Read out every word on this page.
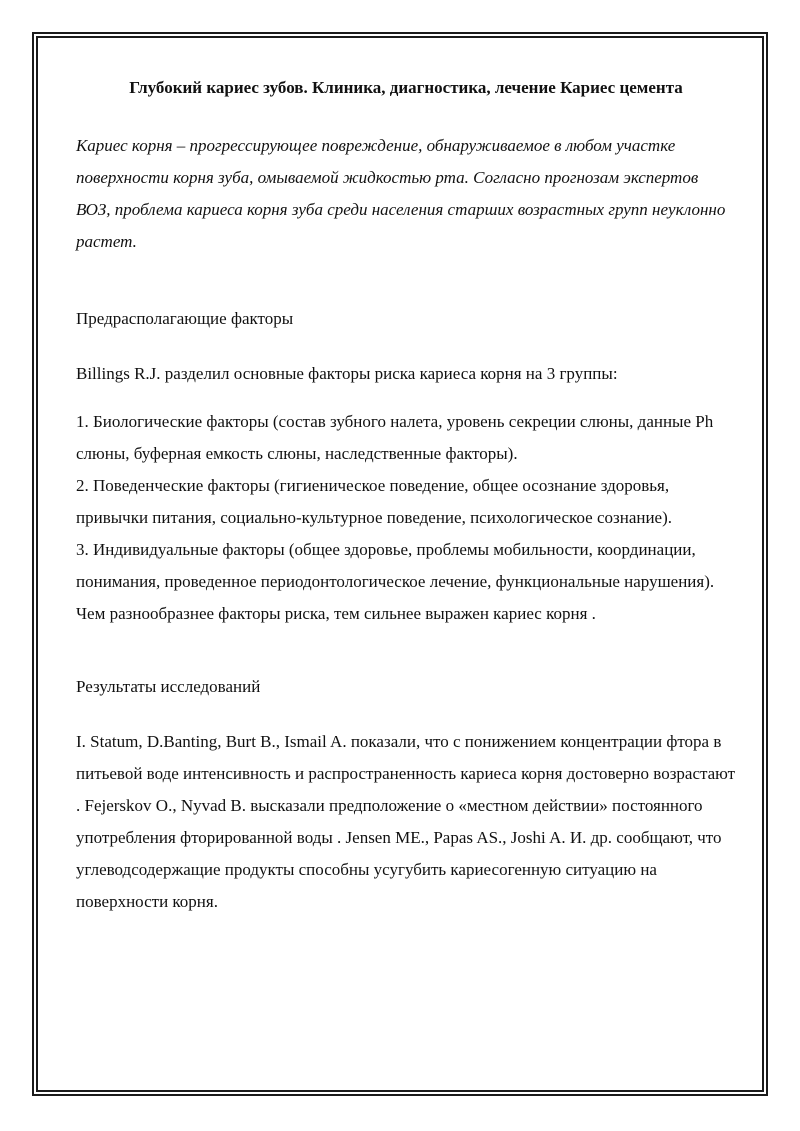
Глубокий кариес зубов. Клиника, диагностика, лечение Кариес цемента

Кариес корня – прогрессирующее повреждение, обнаруживаемое в любом участке поверхности корня зуба, омываемой жидкостью рта. Согласно прогнозам экспертов ВОЗ, проблема кариеса корня зуба среди населения старших возрастных групп неуклонно растет.

Предрасполагающие факторы

Billings R.J. разделил основные факторы риска кариеса корня на 3 группы:

1. Биологические факторы (состав зубного налета, уровень секреции слюны, данные Ph слюны, буферная емкость слюны, наследственные факторы).

2. Поведенческие факторы (гигиеническое поведение, общее осознание здоровья, привычки питания, социально-культурное поведение, психологическое сознание).

3. Индивидуальные факторы (общее здоровье, проблемы мобильности, координации, понимания, проведенное периодонтологическое лечение, функциональные нарушения). Чем разнообразнее факторы риска, тем сильнее выражен кариес корня .

Результаты исследований

I. Statum, D.Banting, Burt B., Ismail A. показали, что с понижением концентрации фтора в питьевой воде интенсивность и распространенность кариеса корня достоверно возрастают . Fejerskov O., Nyvad B. высказали предположение о «местном действии» постоянного употребления фторированной воды . Jensen ME., Papas AS., Joshi A. И. др. сообщают, что углеводсодержащие продукты способны усугубить кариесогенную ситуацию на поверхности корня.
